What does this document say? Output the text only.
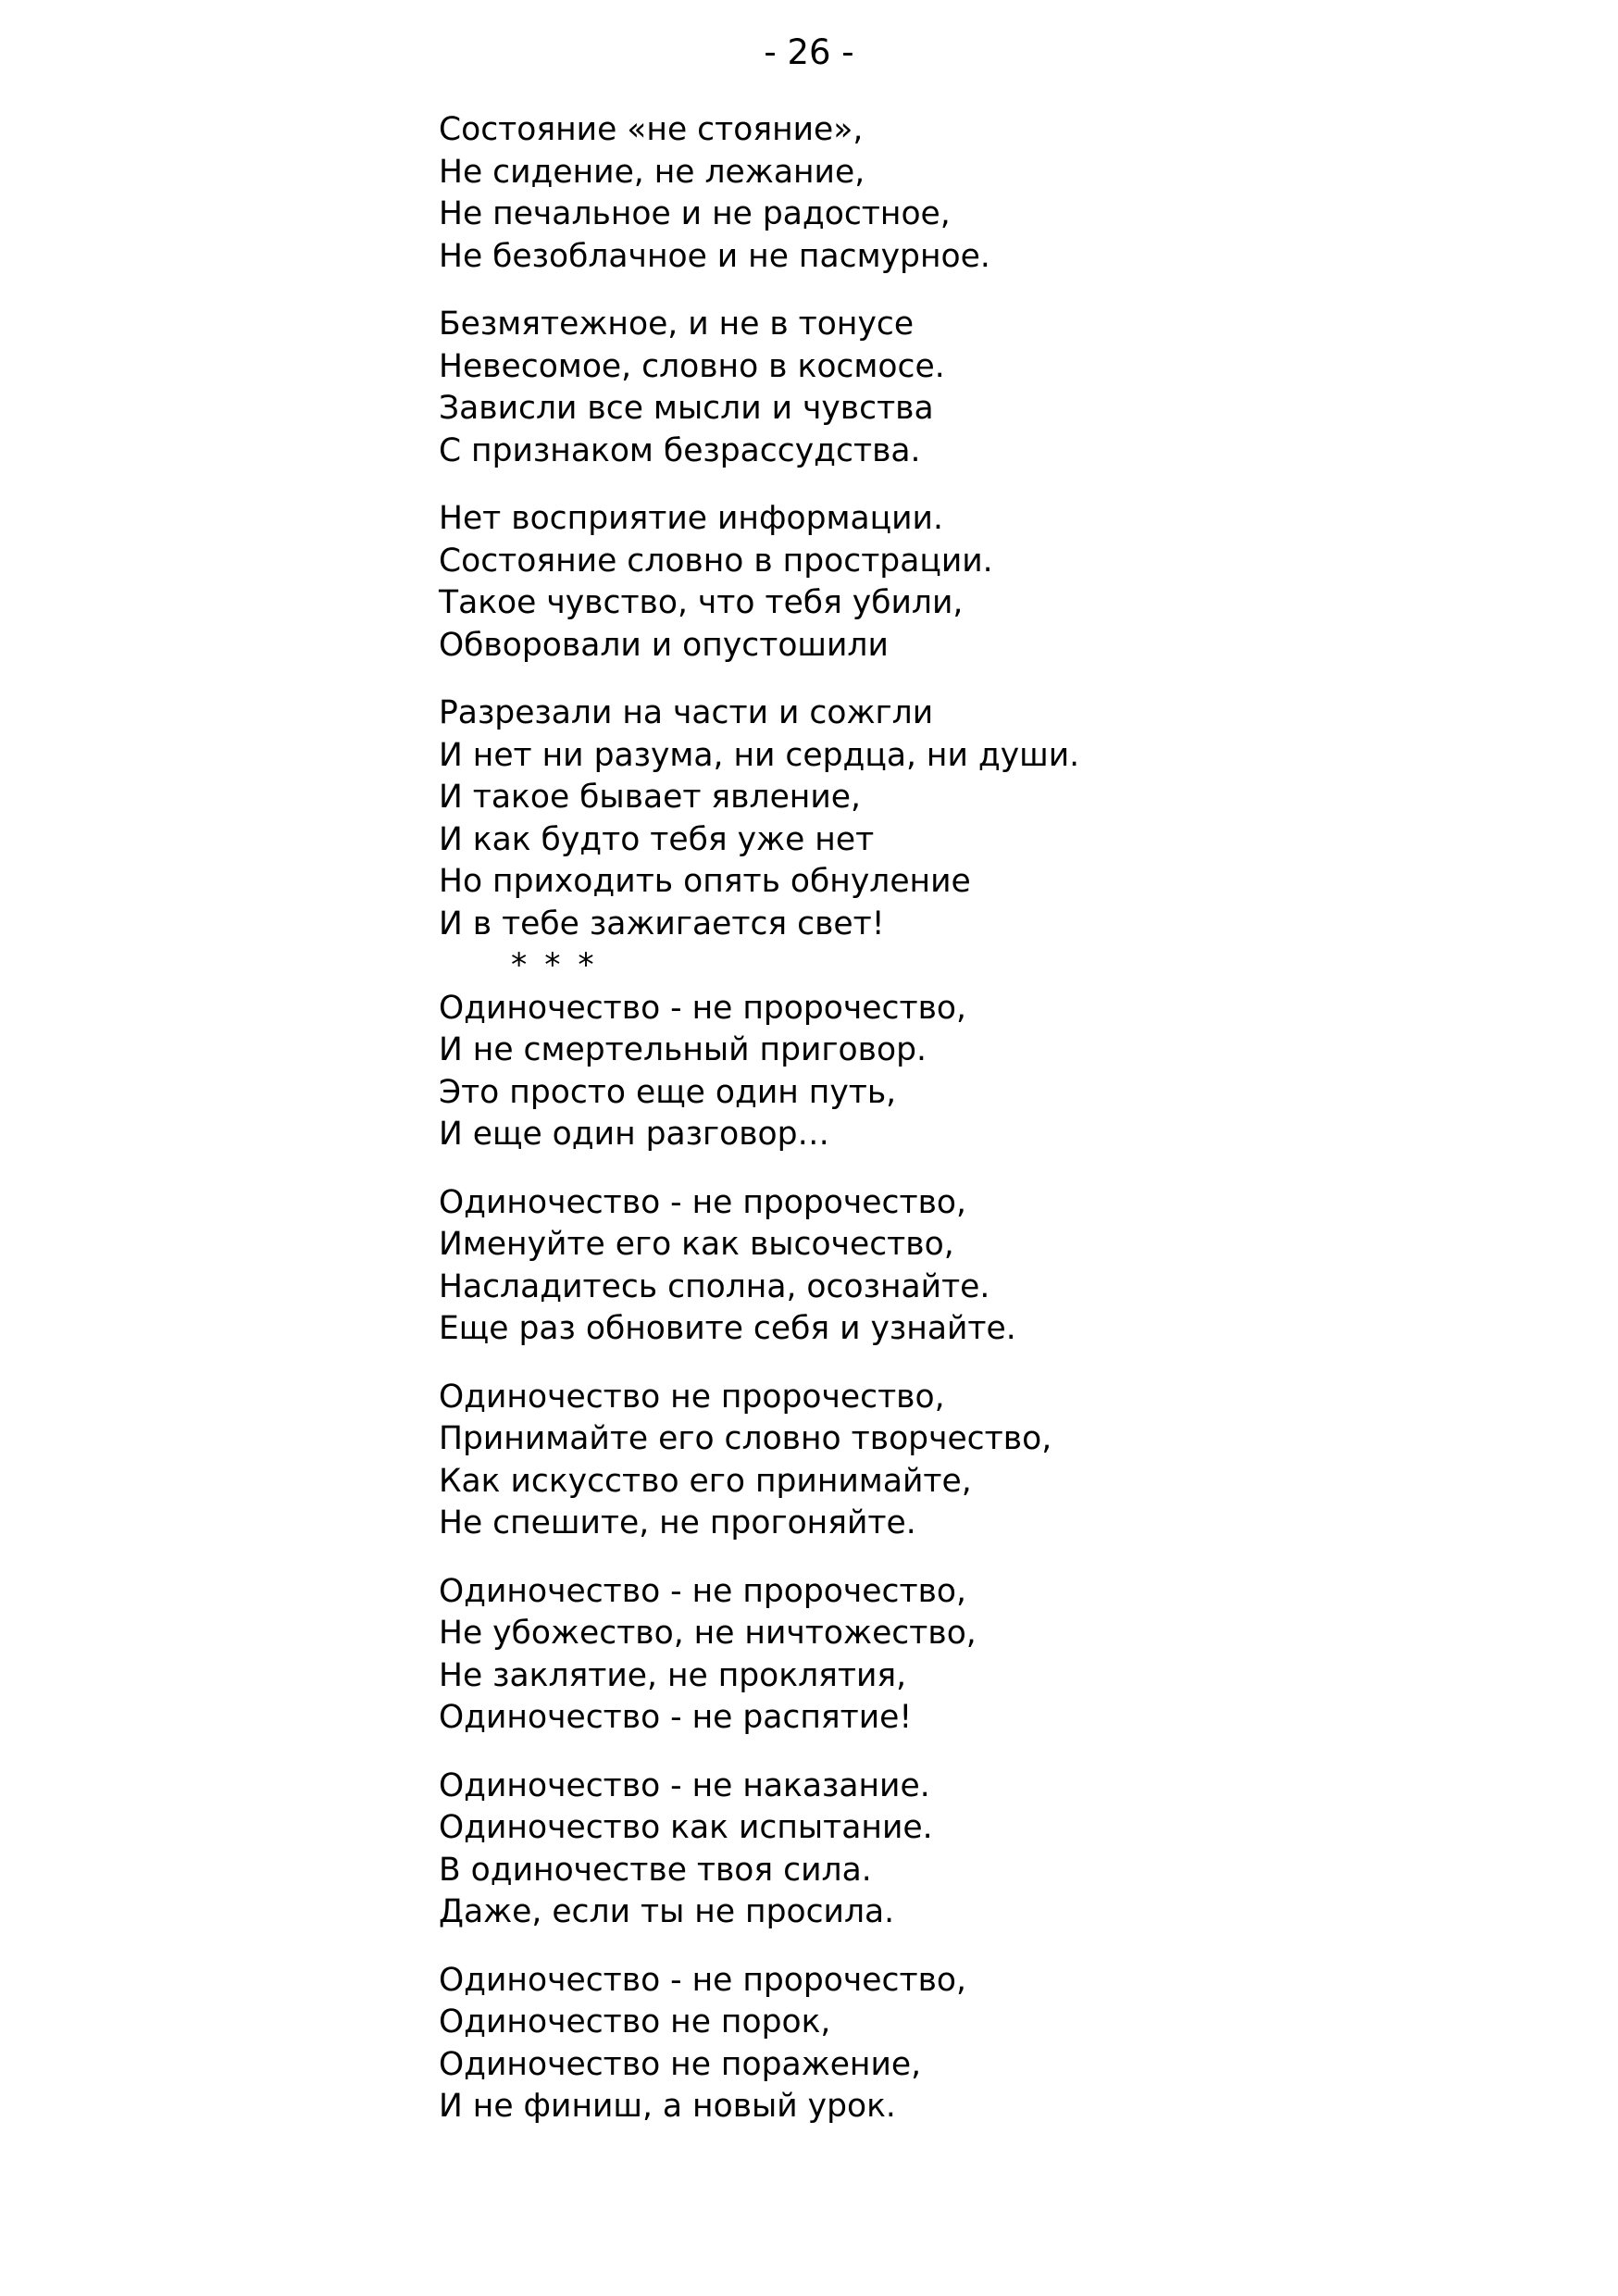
- 26 -
Состояние «не стояние»,
Не сидение, не лежание,
Не печальное и не радостное,
Не безоблачное и не пасмурное.
Безмятежное, и не в тонусе
Невесомое, словно в космосе.
Зависли все мысли и чувства
С признаком безрассудства.
Нет восприятие информации.
Состояние словно в прострации.
Такое чувство, что тебя убили,
Обворовали и опустошили
Разрезали на части и сожгли
И нет ни разума, ни сердца, ни души.
И такое бывает явление,
И как будто тебя уже нет
Но приходить опять обнуление
И в тебе зажигается свет!
* * *
Одиночество - не пророчество,
И не смертельный приговор.
Это просто еще один путь,
И еще один разговор…
Одиночество - не пророчество,
Именуйте его как высочество,
Насладитесь сполна, осознайте.
Еще раз обновите себя и узнайте.
Одиночество не пророчество,
Принимайте его словно творчество,
Как искусство его принимайте,
Не спешите, не прогоняйте.
Одиночество - не пророчество,
Не убожество, не ничтожество,
Не заклятие, не проклятия,
Одиночество - не распятие!
Одиночество - не наказание.
Одиночество как испытание.
В одиночестве твоя сила.
Даже, если ты не просила.
Одиночество - не пророчество,
Одиночество не порок,
Одиночество не поражение,
И не финиш, а новый урок.
